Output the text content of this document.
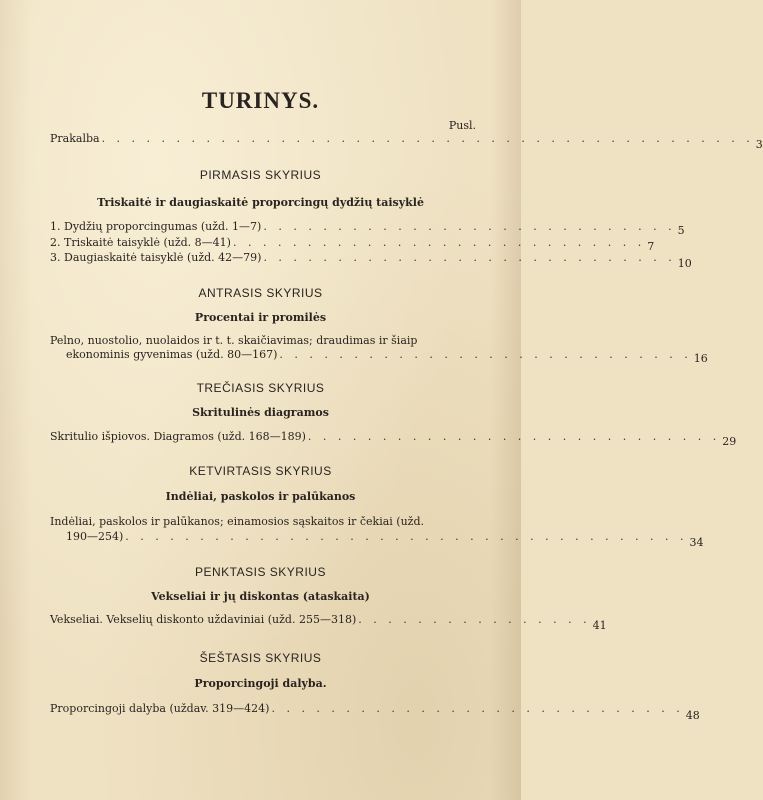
TURINYS.
Pusl.
Prakalba . . . . . . . . . . . . . . . . . . . . . . . . . . . . . . . . . . . . . . . . . . . . 3
PIRMASIS SKYRIUS
Triskaitė ir daugiaskaitė proporcingų dydžių taisyklė
1. Dydžių proporcingumas (užd. 1—7) . . . . . . . . . . . . . . . . . . . . . . . . . . . . 5
2. Triskaitė taisyklė (užd. 8—41) . . . . . . . . . . . . . . . . . . . . . . . . . . . . 7
3. Daugiaskaitė taisyklė (užd. 42—79) . . . . . . . . . . . . . . . . . . . . . . . . . . . . 10
ANTRASIS SKYRIUS
Procentai ir promilės
Pelno, nuostolio, nuolaidos ir t. t. skaičiavimas; draudimas ir šiaip
ekonominis gyvenimas (užd. 80—167) . . . . . . . . . . . . . . . . . . . . . . . . . . . . 16
TREČIASIS SKYRIUS
Skritulinės diagramos
Skritulio išpiovos. Diagramos (užd. 168—189) . . . . . . . . . . . . . . . . . . . . . . . . . . . . 29
KETVIRTASIS SKYRIUS
Indėliai, paskolos ir palūkanos
Indėliai, paskolos ir palūkanos; einamosios sąskaitos ir čekiai (užd.
190—254) . . . . . . . . . . . . . . . . . . . . . . . . . . . . . . . . . . . . . . 34
PENKTASIS SKYRIUS
Vekseliai ir jų diskontas (ataskaita)
Vekseliai. Vekselių diskonto uždaviniai (užd. 255—318) . . . . . . . . . . . . . . . . 41
ŠEŠTASIS SKYRIUS
Proporcingoji dalyba.
Proporcingoji dalyba (uždav. 319—424) . . . . . . . . . . . . . . . . . . . . . . . . . . . .
48
